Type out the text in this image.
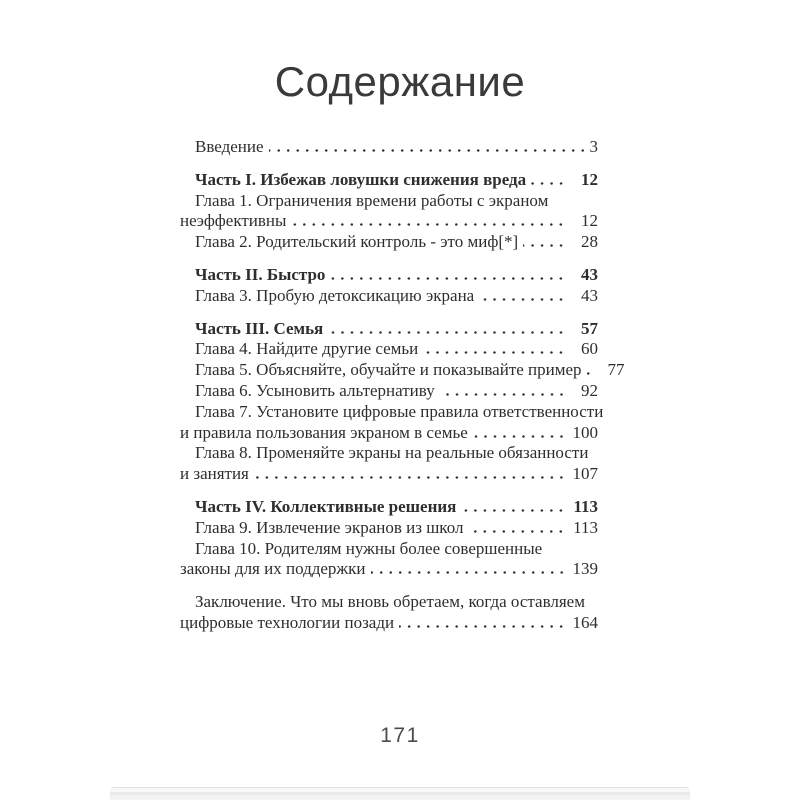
Содержание
Введение	3
Часть I. Избежав ловушки снижения вреда	12
Глава 1. Ограничения времени работы с экраном
неэффективны	12
Глава 2. Родительский контроль - это миф[*]	28
Часть II. Быстро	43
Глава 3. Пробую детоксикацию экрана	43
Часть III. Семья	57
Глава 4. Найдите другие семьи	60
Глава 5. Объясняйте, обучайте и показывайте пример	77
Глава 6. Усыновить альтернативу	92
Глава 7. Установите цифровые правила ответственности
и правила пользования экраном в семье	100
Глава 8. Променяйте экраны на реальные обязанности
и занятия	107
Часть IV. Коллективные решения	113
Глава 9. Извлечение экранов из школ	113
Глава 10. Родителям нужны более совершенные
законы для их поддержки	139
Заключение. Что мы вновь обретаем, когда оставляем
цифровые технологии позади	164
171
